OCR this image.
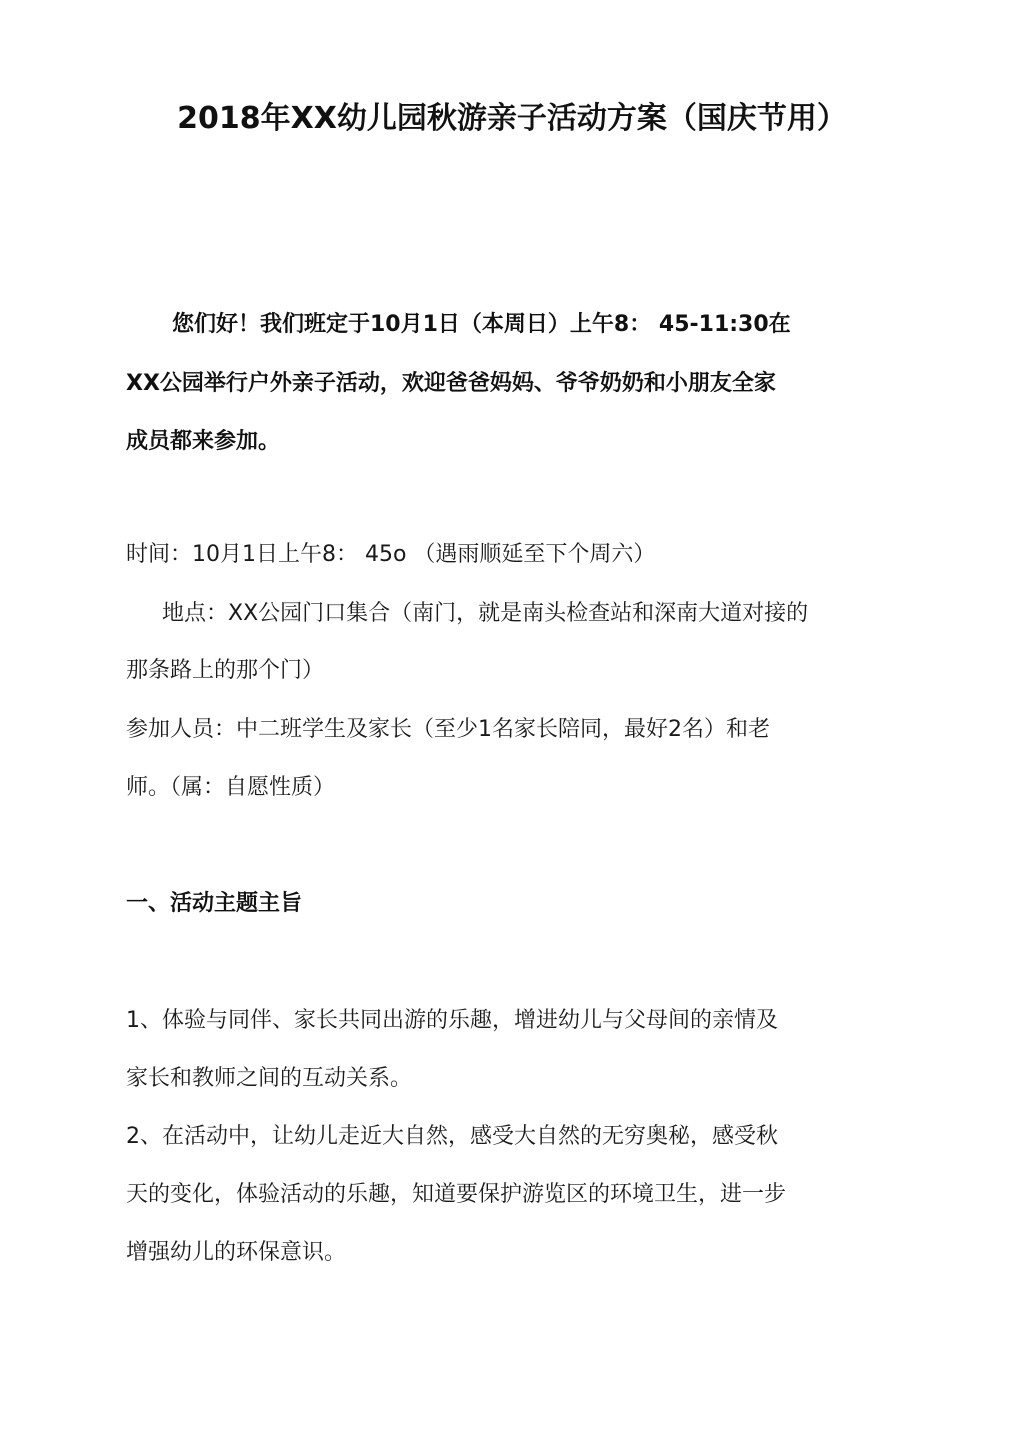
2018年XX幼儿园秋游亲子活动方案（国庆节用）
您们好！我们班定于10月1日（本周日）上午8： 45-11:30在
XX公园举行户外亲子活动，欢迎爸爸妈妈、爷爷奶奶和小朋友全家
成员都来参加。
时间：10月1日上午8： 45o （遇雨顺延至下个周六）
地点：XX公园门口集合（南门，就是南头检查站和深南大道对接的
那条路上的那个门）
参加人员：中二班学生及家长（至少1名家长陪同，最好2名）和老
师。（属：自愿性质）
一、活动主题主旨
1、体验与同伴、家长共同出游的乐趣，增进幼儿与父母间的亲情及
家长和教师之间的互动关系。
2、在活动中，让幼儿走近大自然，感受大自然的无穷奥秘，感受秋
天的变化，体验活动的乐趣，知道要保护游览区的环境卫生，进一步
增强幼儿的环保意识。
